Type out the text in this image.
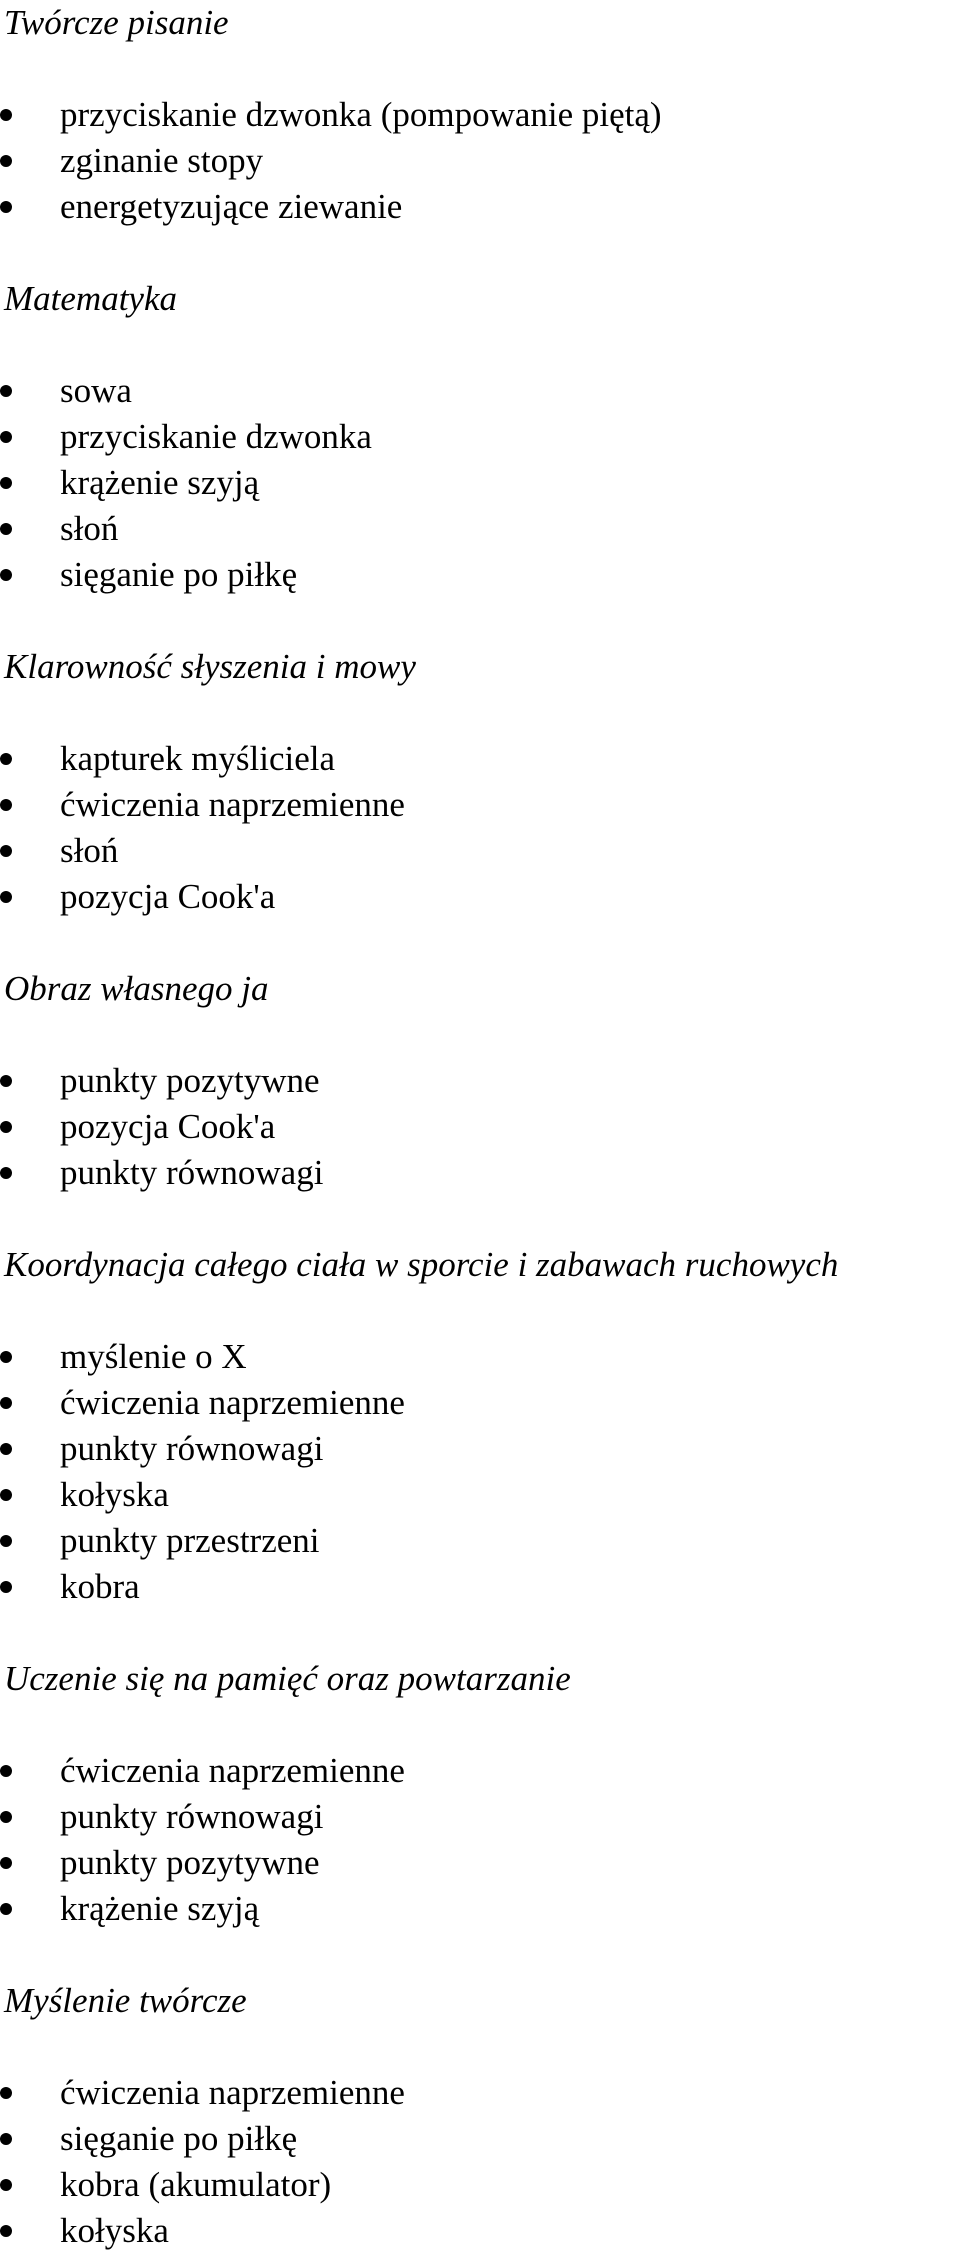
Twórcze pisanie
przyciskanie dzwonka (pompowanie piętą)
zginanie stopy
energetyzujące ziewanie
Matematyka
sowa
przyciskanie dzwonka
krążenie szyją
słoń
sięganie po piłkę
Klarowność słyszenia i mowy
kapturek myśliciela
ćwiczenia naprzemienne
słoń
pozycja Cook'a
Obraz własnego ja
punkty pozytywne
pozycja Cook'a
punkty równowagi
Koordynacja całego ciała w sporcie i zabawach ruchowych
myślenie o X
ćwiczenia naprzemienne
punkty równowagi
kołyska
punkty przestrzeni
kobra
Uczenie się na pamięć oraz powtarzanie
ćwiczenia naprzemienne
punkty równowagi
punkty pozytywne
krążenie szyją
Myślenie twórcze
ćwiczenia naprzemienne
sięganie po piłkę
kobra (akumulator)
kołyska
